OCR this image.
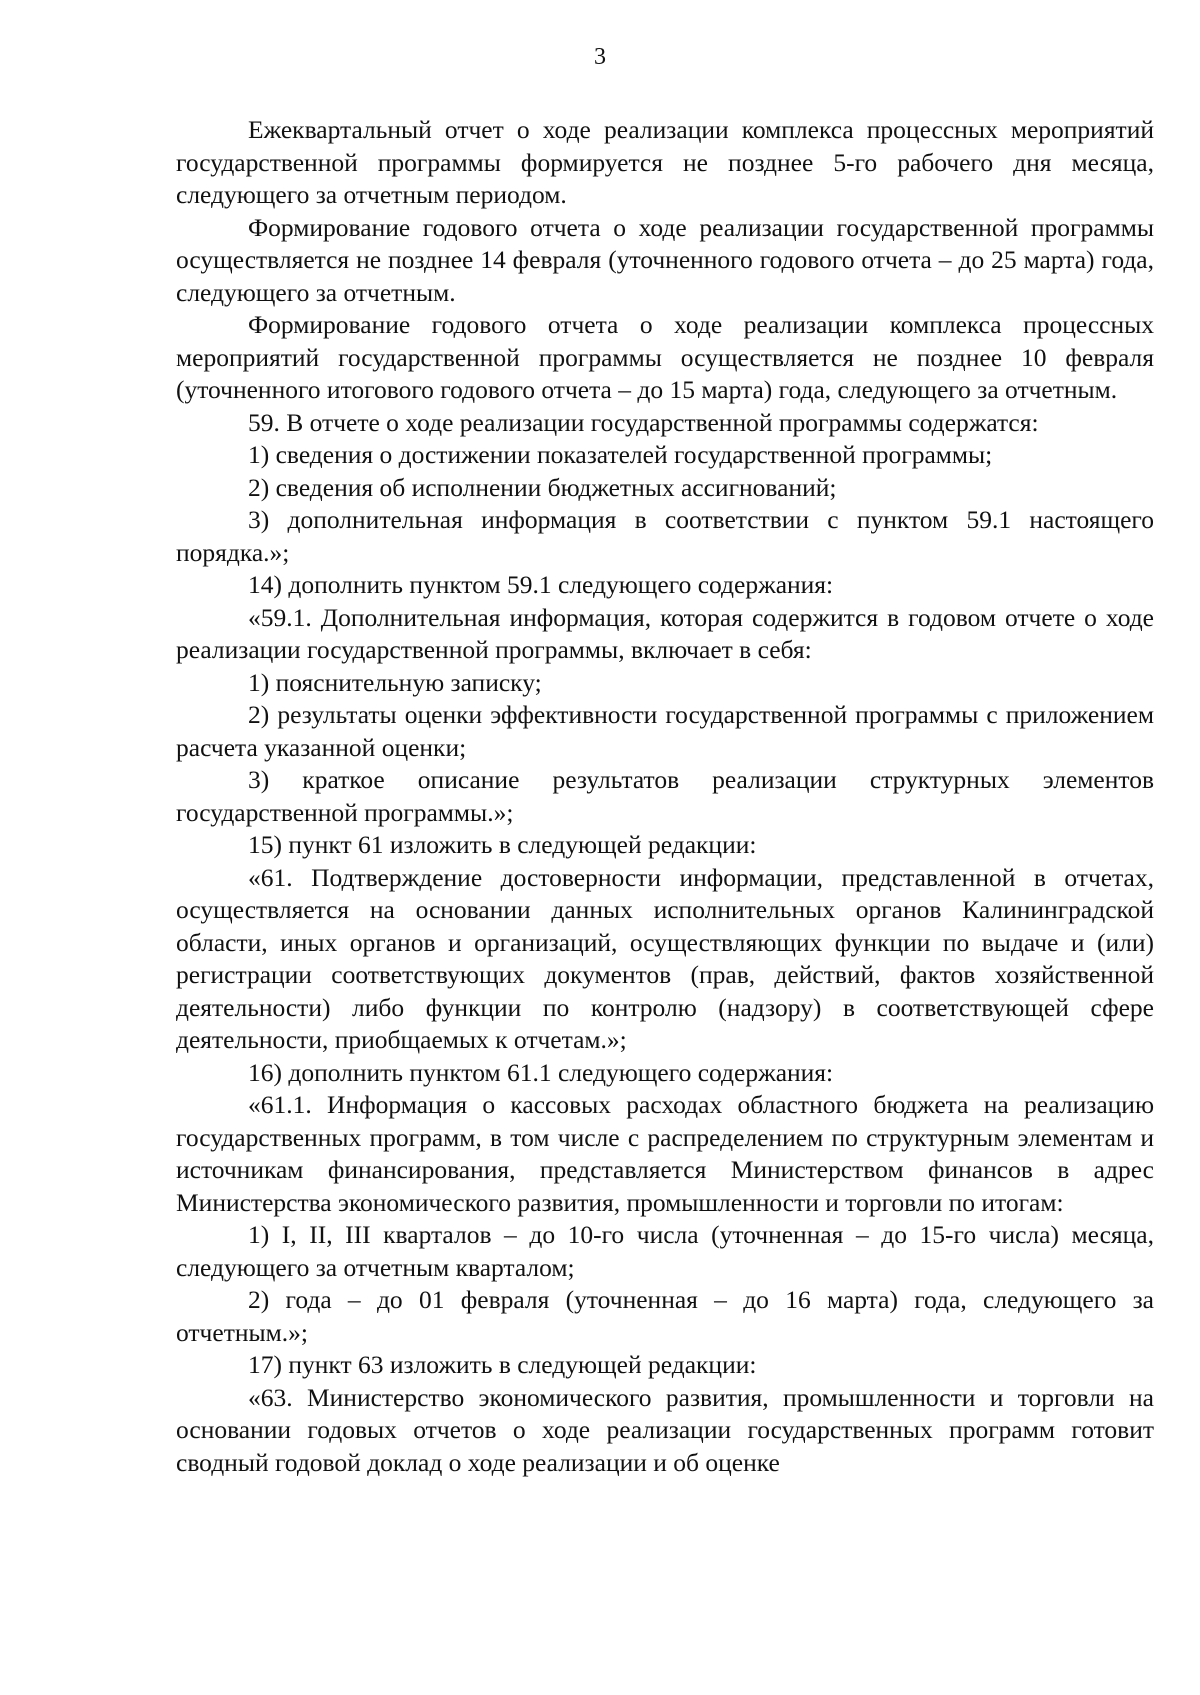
3

Ежеквартальный отчет о ходе реализации комплекса процессных мероприятий государственной программы формируется не позднее 5-го рабочего дня месяца, следующего за отчетным периодом.

Формирование годового отчета о ходе реализации государственной программы осуществляется не позднее 14 февраля (уточненного годового отчета – до 25 марта) года, следующего за отчетным.

Формирование годового отчета о ходе реализации комплекса процессных мероприятий государственной программы осуществляется не позднее 10 февраля (уточненного итогового годового отчета – до 15 марта) года, следующего за отчетным.

59. В отчете о ходе реализации государственной программы содержатся:

1) сведения о достижении показателей государственной программы;

2) сведения об исполнении бюджетных ассигнований;

3) дополнительная информация в соответствии с пунктом 59.1 настоящего порядка.»;

14) дополнить пунктом 59.1 следующего содержания:

«59.1. Дополнительная информация, которая содержится в годовом отчете о ходе реализации государственной программы, включает в себя:

1) пояснительную записку;

2) результаты оценки эффективности государственной программы с приложением расчета указанной оценки;

3) краткое описание результатов реализации структурных элементов государственной программы.»;

15) пункт 61 изложить в следующей редакции:

«61. Подтверждение достоверности информации, представленной в отчетах, осуществляется на основании данных исполнительных органов Калининградской области, иных органов и организаций, осуществляющих функции по выдаче и (или) регистрации соответствующих документов (прав, действий, фактов хозяйственной деятельности) либо функции по контролю (надзору) в соответствующей сфере деятельности, приобщаемых к отчетам.»;

16) дополнить пунктом 61.1 следующего содержания:

«61.1. Информация о кассовых расходах областного бюджета на реализацию государственных программ, в том числе с распределением по структурным элементам и источникам финансирования, представляется Министерством финансов в адрес Министерства экономического развития, промышленности и торговли по итогам:

1) I, II, III кварталов – до 10-го числа (уточненная – до 15-го числа) месяца, следующего за отчетным кварталом;

2) года – до 01 февраля (уточненная – до 16 марта) года, следующего за отчетным.»;

17) пункт 63 изложить в следующей редакции:

«63. Министерство экономического развития, промышленности и торговли на основании годовых отчетов о ходе реализации государственных программ готовит сводный годовой доклад о ходе реализации и об оценке
